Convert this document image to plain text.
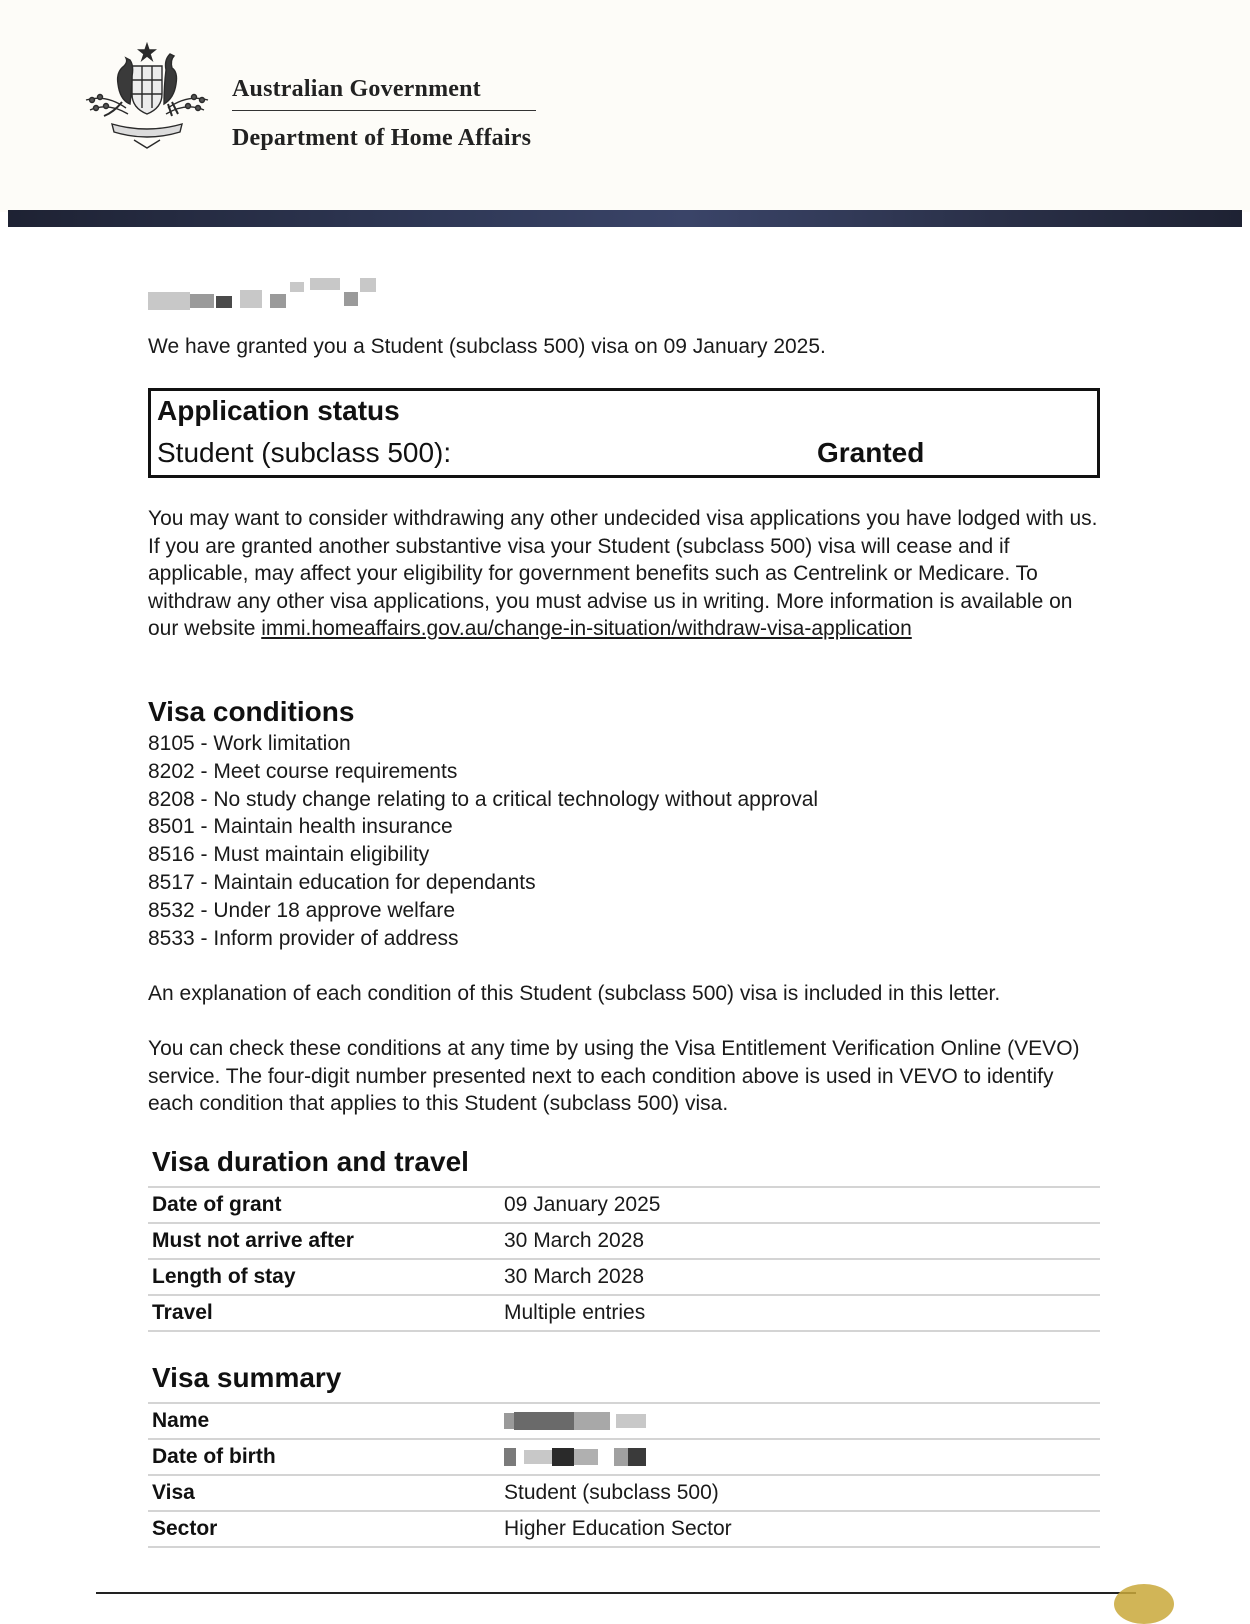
Australian Government
Department of Home Affairs
We have granted you a Student (subclass 500) visa on 09 January 2025.
Application status
Student (subclass 500):	Granted
You may want to consider withdrawing any other undecided visa applications you have lodged with us. If you are granted another substantive visa your Student (subclass 500) visa will cease and if applicable, may affect your eligibility for government benefits such as Centrelink or Medicare. To withdraw any other visa applications, you must advise us in writing. More information is available on our website immi.homeaffairs.gov.au/change-in-situation/withdraw-visa-application
Visa conditions
8105 - Work limitation
8202 - Meet course requirements
8208 - No study change relating to a critical technology without approval
8501 - Maintain health insurance
8516 - Must maintain eligibility
8517 - Maintain education for dependants
8532 - Under 18 approve welfare
8533 - Inform provider of address
An explanation of each condition of this Student (subclass 500) visa is included in this letter.
You can check these conditions at any time by using the Visa Entitlement Verification Online (VEVO) service. The four-digit number presented next to each condition above is used in VEVO to identify each condition that applies to this Student (subclass 500) visa.
Visa duration and travel
Date of grant	09 January 2025
Must not arrive after	30 March 2028
Length of stay	30 March 2028
Travel	Multiple entries
Visa summary
Name	
Date of birth	
Visa	Student (subclass 500)
Sector	Higher Education Sector
